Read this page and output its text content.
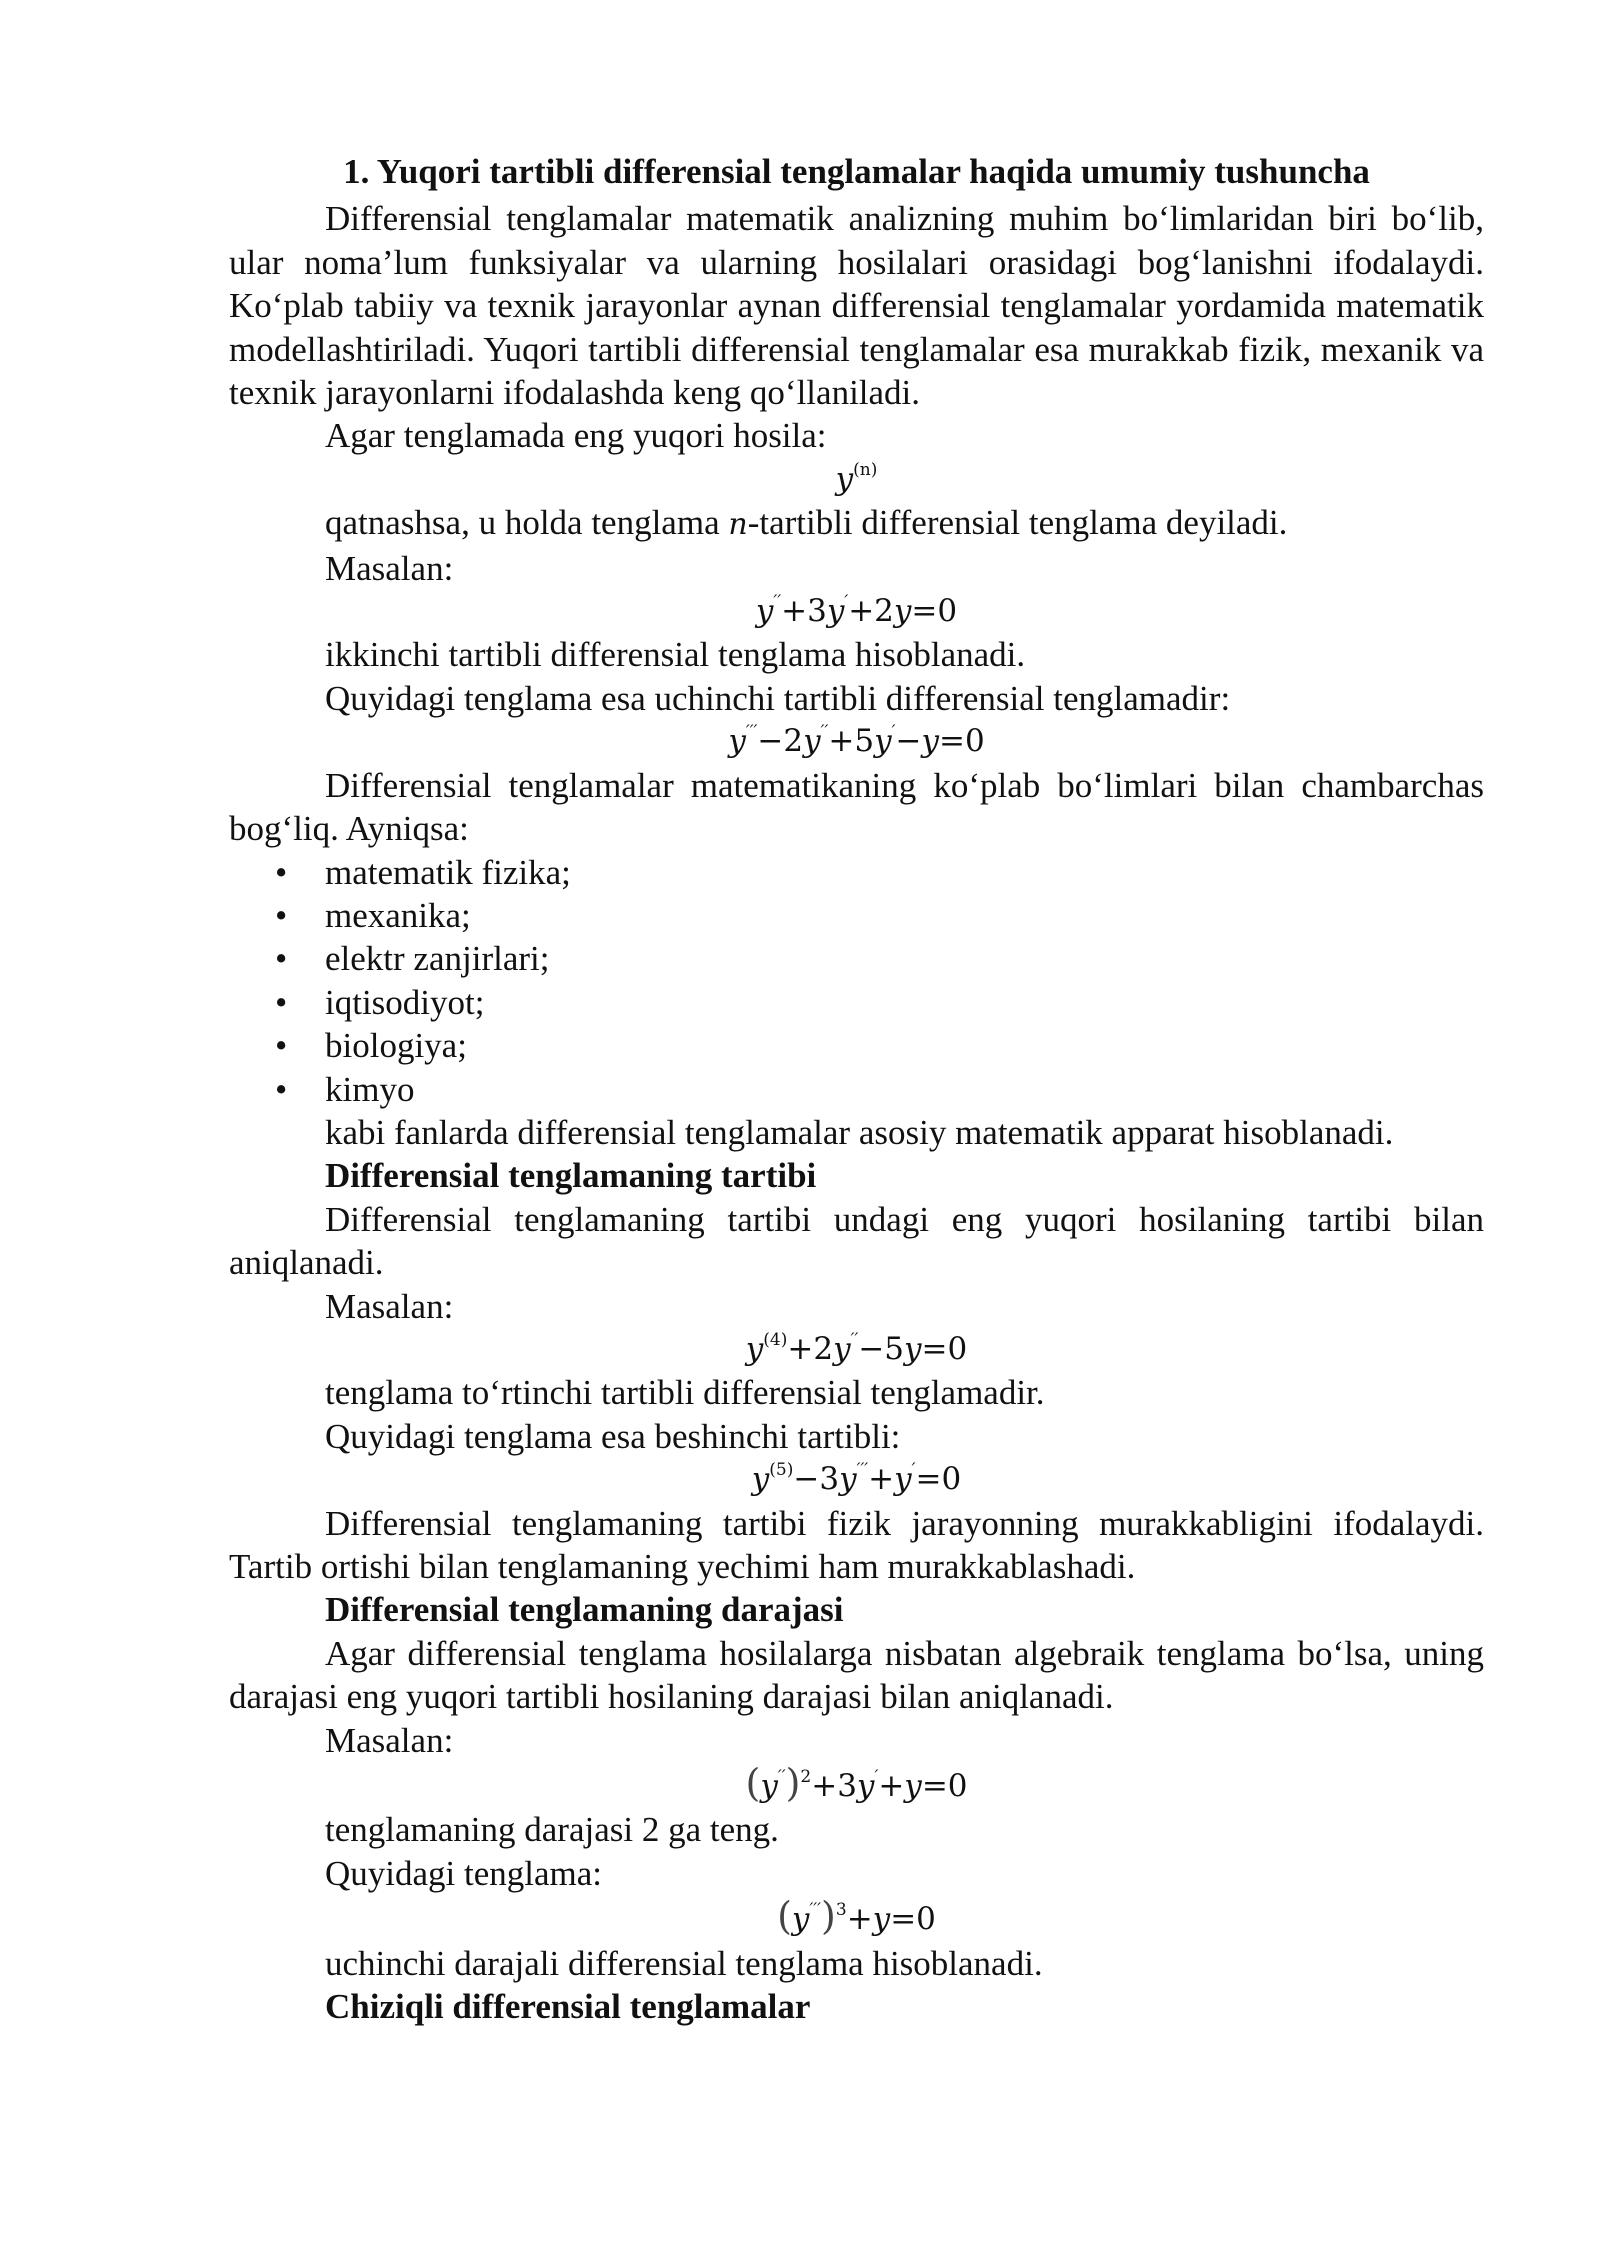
1. Yuqori tartibli differensial tenglamalar haqida umumiy tushuncha

Differensial tenglamalar matematik analizning muhim bo‘limlaridan biri bo‘lib, ular noma’lum funksiyalar va ularning hosilalari orasidagi bog‘lanishni ifodalaydi. Ko‘plab tabiiy va texnik jarayonlar aynan differensial tenglamalar yordamida matematik modellashtiriladi. Yuqori tartibli differensial tenglamalar esa murakkab fizik, mexanik va texnik jarayonlarni ifodalashda keng qo‘llaniladi.

Agar tenglamada eng yuqori hosila:

$y^{(n)}$

qatnashsa, u holda tenglama n-tartibli differensial tenglama deyiladi.

Masalan:

y′′+3y′+2y=0

ikkinchi tartibli differensial tenglama hisoblanadi.

Quyidagi tenglama esa uchinchi tartibli differensial tenglamadir:

y′′′−2y′′+5y′−y=0

Differensial tenglamalar matematikaning ko‘plab bo‘limlari bilan chambarchas bog‘liq. Ayniqsa:

• matematik fizika;
• mexanika;
• elektr zanjirlari;
• iqtisodiyot;
• biologiya;
• kimyo

kabi fanlarda differensial tenglamalar asosiy matematik apparat hisoblanadi.

Differensial tenglamaning tartibi

Differensial tenglamaning tartibi undagi eng yuqori hosilaning tartibi bilan aniqlanadi.

Masalan:

$y^{(4)}+2y''-5y=0$

tenglama to‘rtinchi tartibli differensial tenglamadir.

Quyidagi tenglama esa beshinchi tartibli:

$y^{(5)}-3y'''+y'=0$

Differensial tenglamaning tartibi fizik jarayonning murakkabligini ifodalaydi. Tartib ortishi bilan tenglamaning yechimi ham murakkablashadi.

Differensial tenglamaning darajasi

Agar differensial tenglama hosilalarga nisbatan algebraik tenglama bo‘lsa, uning darajasi eng yuqori tartibli hosilaning darajasi bilan aniqlanadi.

Masalan:

$(y'')^2+3y'+y=0$

tenglamaning darajasi 2 ga teng.

Quyidagi tenglama:

$(y''')^3+y=0$

uchinchi darajali differensial tenglama hisoblanadi.

Chiziqli differensial tenglamalar
